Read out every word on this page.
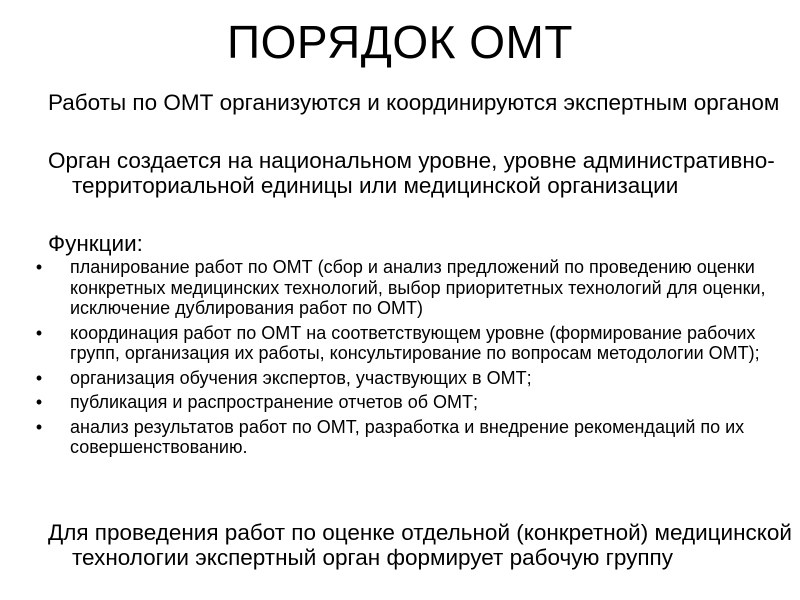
ПОРЯДОК ОМТ

Работы по ОМТ организуются и координируются экспертным органом

Орган создается на национальном уровне, уровне административно-территориальной единицы или медицинской организации

Функции:

•	планирование работ по ОМТ (сбор и анализ предложений по проведению оценки конкретных медицинских технологий, выбор приоритетных технологий для оценки, исключение дублирования работ по ОМТ)
•	координация работ по ОМТ на соответствующем уровне (формирование рабочих групп, организация их работы, консультирование по вопросам методологии ОМТ);
•	организация обучения экспертов, участвующих в ОМТ;
•	публикация и распространение отчетов об ОМТ;
•	анализ результатов работ по ОМТ, разработка и внедрение рекомендаций по их совершенствованию.

Для проведения работ по оценке отдельной (конкретной) медицинской технологии экспертный орган формирует рабочую группу
